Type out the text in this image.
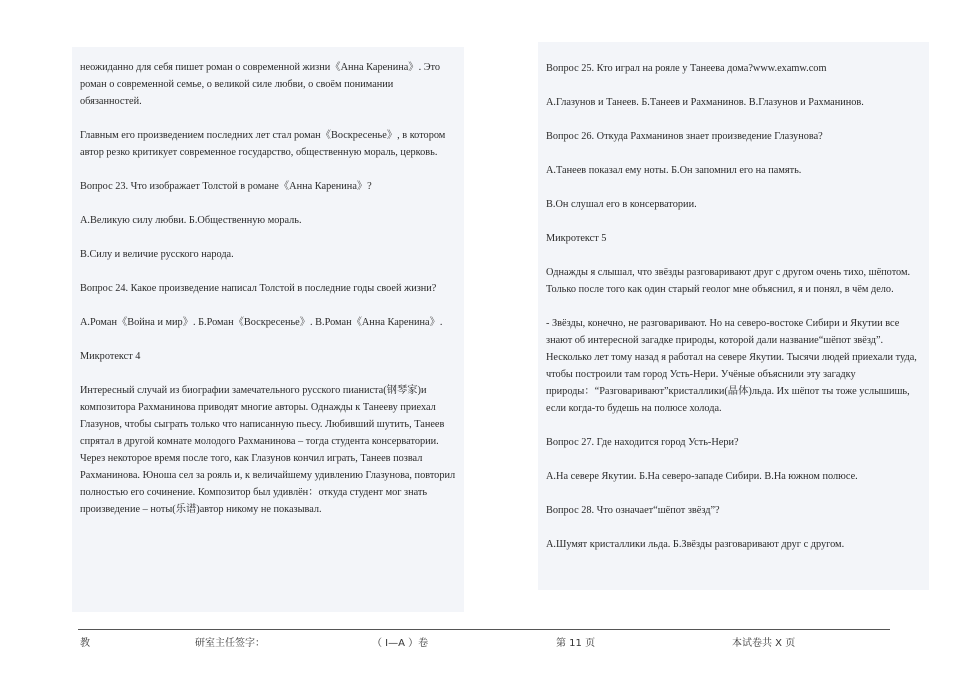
неожиданно для себя пишет роман о современной жизни《Анна Каренина》. Это роман о современной семье, о великой силе любви, о своём понимании обязанностей.

Главным его произведением последних лет стал роман《Воскресенье》, в котором автор резко критикует современное государство, общественную мораль, церковь.

Вопрос 23. Что изображает Толстой в романе《Анна Каренина》?

А.Великую силу любви. Б.Общественную мораль.

В.Силу и величие русского народа.

Вопрос 24. Какое произведение написал Толстой в последние годы своей жизни?

А.Роман《Война и мир》. Б.Роман《Воскресенье》. В.Роман《Анна Каренина》.

Микротекст 4

Интересный случай из биографии замечательного русского пианиста(钢琴家)и композитора Рахманинова приводят многие авторы. Однажды к Танееву приехал Глазунов, чтобы сыграть только что написанную пьесу. Любивший шутить, Танеев спрятал в другой комнате молодого Рахманинова – тогда студента консерватории. Через некоторое время после того, как Глазунов кончил играть, Танеев позвал Рахманинова. Юноша сел за рояль и, к величайшему удивлению Глазунова, повторил полностью его сочинение. Композитор был удивлён：откуда студент мог знать произведение – ноты(乐谱)автор никому не показывал.

Вопрос 25. Кто играл на рояле у Танеева дома?www.examw.com

А.Глазунов и Танеев. Б.Танеев и Рахманинов. В.Глазунов и Рахманинов.

Вопрос 26. Откуда Рахманинов знает произведение Глазунова?

А.Танеев показал ему ноты. Б.Он запомнил его на память.

В.Он слушал его в консерватории.

Микротекст 5

Однажды я слышал, что звёзды разговаривают друг с другом очень тихо, шёпотом. Только после того как один старый геолог мне объяснил, я и понял, в чём дело.

- Звёзды, конечно, не разговаривают. Но на северо-востоке Сибири и Якутии все знают об интересной загадке природы, которой дали название“шёпот звёзд”. Несколько лет тому назад я работал на севере Якутии. Тысячи людей приехали туда, чтобы построили там город Усть-Нери. Учёные объяснили эту загадку природы：“Разговаривают”кристаллики(晶体)льда. Их шёпот ты тоже услышишь, если когда-то будешь на полюсе холода.

Вопрос 27. Где находится город Усть-Нери?

А.На севере Якутии. Б.На северо-западе Сибири. В.На южном полюсе.

Вопрос 28. Что означает“шёпот звёзд”?

А.Шумят кристаллики льда. Б.Звёзды разговаривают друг с другом.

教	研室主任签字：	（ Ⅰ—A ）卷	第 11 页	本试卷共 X 页
